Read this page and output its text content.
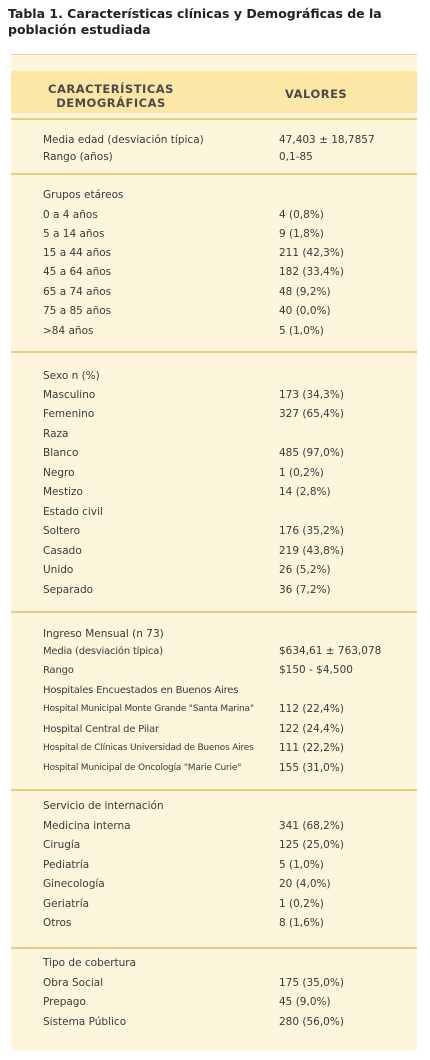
Tabla 1. Características clínicas y Demográficas de la población estudiada
CARACTERÍSTICAS DEMOGRÁFICAS
VALORES
Media edad (desviación típica)	47,403 ± 18,7857
Rango (años)	0,1-85
Grupos etáreos
0 a 4 años	4 (0,8%)
5 a 14 años	9 (1,8%)
15 a 44 años	211 (42,3%)
45 a 64 años	182 (33,4%)
65 a 74 años	48 (9,2%)
75 a 85 años	40 (0,0%)
>84 años	5 (1,0%)
Sexo n (%)
Masculino	173 (34,3%)
Femenino	327 (65,4%)
Raza
Blanco	485 (97,0%)
Negro	1 (0,2%)
Mestizo	14 (2,8%)
Estado civil
Soltero	176 (35,2%)
Casado	219 (43,8%)
Unido	26 (5,2%)
Separado	36 (7,2%)
Ingreso Mensual (n 73)
Media (desviación típica)	$634,61 ± 763,078
Rango	$150 - $4,500
Hospitales Encuestados en Buenos Aires
Hospital Municipal Monte Grande "Santa Marina" 112 (22,4%)
Hospital Central de Pilar	122 (24,4%)
Hospital de Clínicas Universidad de Buenos Aires 111 (22,2%)
Hospital Municipal de Oncología "Marie Curie"	155 (31,0%)
Servicio de internación
Medicina interna	341 (68,2%)
Cirugía	125 (25,0%)
Pediatría	5 (1,0%)
Ginecología	20 (4,0%)
Geriatría	1 (0,2%)
Otros	8 (1,6%)
Tipo de cobertura
Obra Social	175 (35,0%)
Prepago	45 (9,0%)
Sistema Público	280 (56,0%)
